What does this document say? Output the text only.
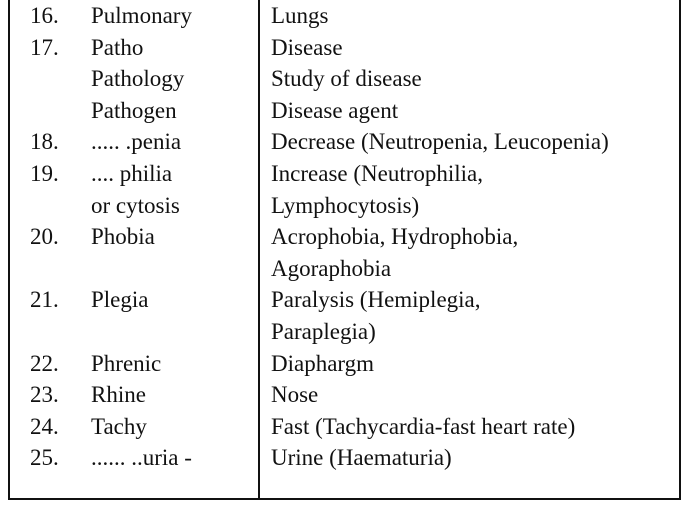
16. Pulmonary	Lungs
17. Patho	Disease
Pathology	Study of disease
Pathogen	Disease agent
18. ..... .penia	Decrease (Neutropenia, Leucopenia)
19. .... philia	Increase (Neutrophilia,
or cytosis	Lymphocytosis)
20. Phobia	Acrophobia, Hydrophobia,
Agoraphobia
21. Plegia	Paralysis (Hemiplegia,
Paraplegia)
22. Phrenic	Diaphargm
23. Rhine	Nose
24. Tachy	Fast (Tachycardia-fast heart rate)
25. ...... ..uria -	Urine (Haematuria)
